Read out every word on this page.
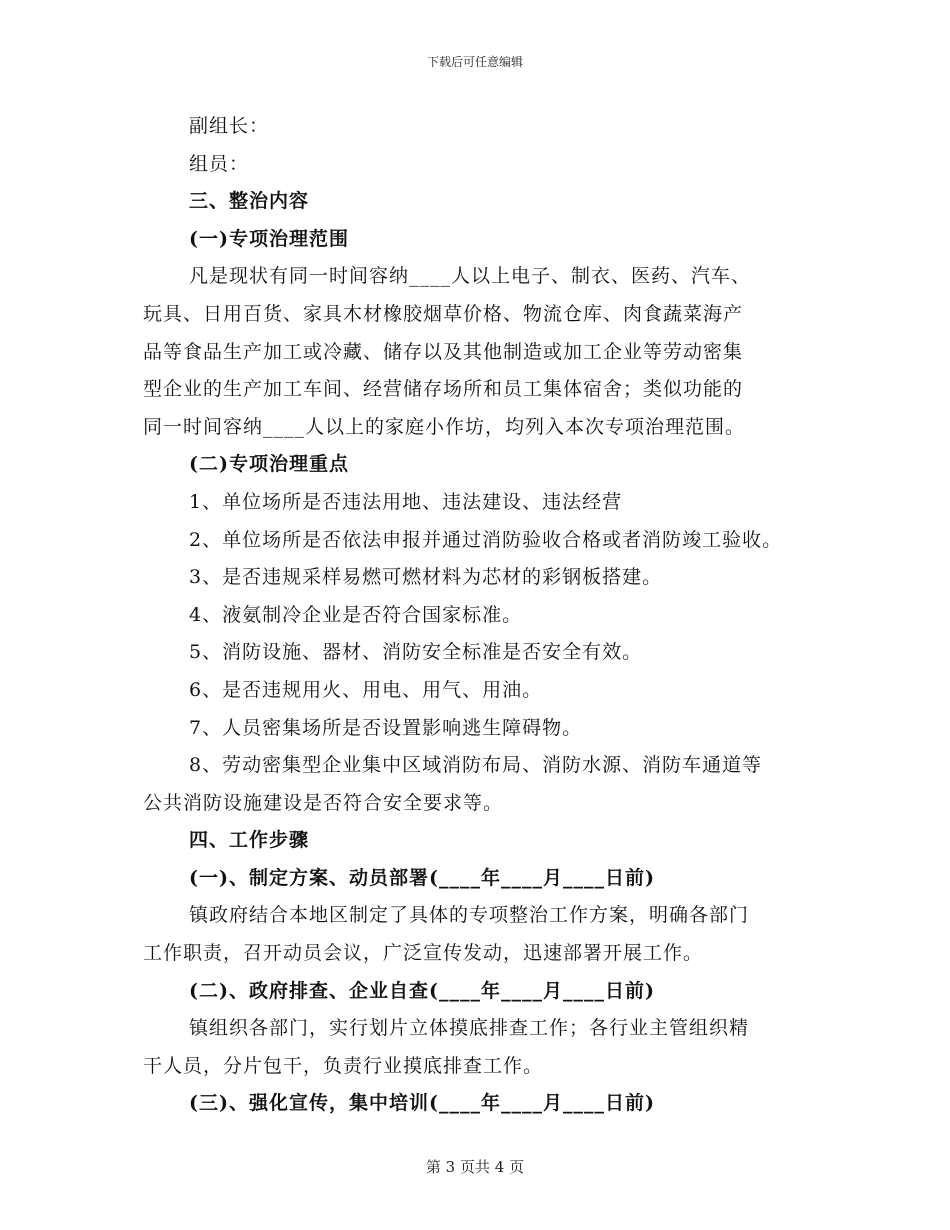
下载后可任意编辑
副组长：
组员：
三、整治内容
(一)专项治理范围
凡是现状有同一时间容纳____人以上电子、制衣、医药、汽车、
玩具、日用百货、家具木材橡胶烟草价格、物流仓库、肉食蔬菜海产
品等食品生产加工或冷藏、储存以及其他制造或加工企业等劳动密集
型企业的生产加工车间、经营储存场所和员工集体宿舍；类似功能的
同一时间容纳____人以上的家庭小作坊，均列入本次专项治理范围。
(二)专项治理重点
1、单位场所是否违法用地、违法建设、违法经营
2、单位场所是否依法申报并通过消防验收合格或者消防竣工验收。
3、是否违规采样易燃可燃材料为芯材的彩钢板搭建。
4、液氨制冷企业是否符合国家标准。
5、消防设施、器材、消防安全标准是否安全有效。
6、是否违规用火、用电、用气、用油。
7、人员密集场所是否设置影响逃生障碍物。
8、劳动密集型企业集中区域消防布局、消防水源、消防车通道等
公共消防设施建设是否符合安全要求等。
四、工作步骤
(一)、制定方案、动员部署(____年____月____日前)
镇政府结合本地区制定了具体的专项整治工作方案，明确各部门
工作职责，召开动员会议，广泛宣传发动，迅速部署开展工作。
(二)、政府排查、企业自查(____年____月____日前)
镇组织各部门，实行划片立体摸底排查工作；各行业主管组织精
干人员，分片包干，负责行业摸底排查工作。
(三)、强化宣传，集中培训(____年____月____日前)
第 3 页共 4 页
